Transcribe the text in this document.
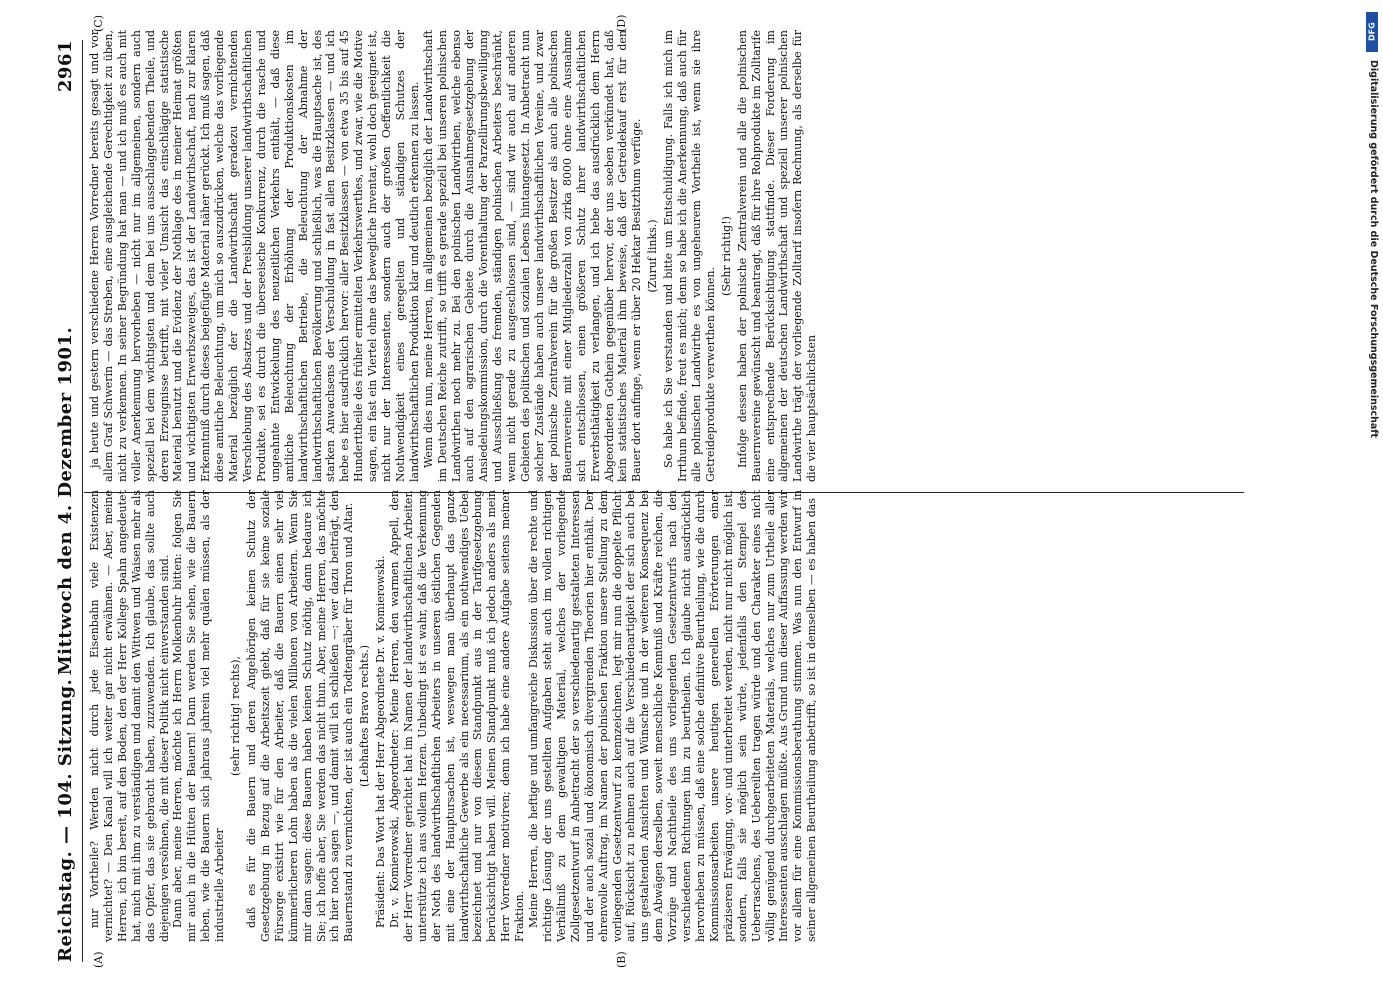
Reichstag. — 104. Sitzung.
Mittwoch den 4. Dezember 1901.
2961
(A)	(B)
(C)	(D)

nur Vortheile? Werden nicht durch jede Eisenbahn viele Existenzen vernichtet? — Den Kanal will ich weiter gar nicht erwähnen. — Aber, meine Herren, ich bin bereit, auf den Boden, den der Herr Kollege Spahn angedeutet hat, mich mit ihm zu verständigen und damit den Wittwen und Waisen mehr als das Opfer, das sie gebracht haben, zuzuwenden. Ich glaube, das sollte auch diejenigen versöhnen, die mit dieser Politik nicht einverstanden sind. Dann aber, meine Herren, möchte ich Herrn Molkenbuhr bitten: folgen Sie mir auch in die Hütten der Bauern! Dann werden Sie sehen, wie die Bauern leben, wie die Bauern sich jahraus jahrein viel mehr quälen müssen, als der industrielle Arbeiter

(sehr richtig! rechts), daß es für die Bauern und deren Angehörigen keinen Schutz der Gesetzgebung in Bezug auf die Arbeitszeit giebt, daß für sie keine soziale Fürsorge existirt wie für den Arbeiter, daß die Bauern einen sehr viel kümmerlicheren Lohn haben als die vielen Millionen von Arbeitern. Wenn Sie mir dann sagen: diese Bauern haben keinen Schutz nöthig, dann bedaure ich Sie; ich hoffe aber, Sie werden das nicht thun. Aber, meine Herren, das möchte ich hier noch sagen —, und damit will ich schließen —: wer dazu beiträgt, den Bauernstand zu vernichten, der ist auch ein Todtengräber für Thron und Altar. (Lebhaftes Bravo rechts.) Präsident: Das Wort hat der Herr Abgeordnete Dr. v. Komierowski. Dr. v. Komierowski, Abgeordneter: Meine Herren, den warmen Appell, den der Herr Vorredner gerichtet hat im Namen der landwirthschaftlichen Arbeiter, unterstütze ich aus vollem Herzen. Unbedingt ist es wahr, daß die Verkennung der Noth des landwirthschaftlichen Arbeiters in unseren östlichen Gegenden mit eine der Hauptursachen ist, weswegen man überhaupt das ganze landwirthschaftliche Gewerbe als ein necessarium, als ein nothwendiges Uebel bezeichnet und nur von diesem Standpunkt aus in der Tarifgesetzgebung berücksichtigt haben will. Meinen Standpunkt muß ich jedoch anders als mein Herr Vorredner motiviren; denn ich habe eine andere Aufgabe seitens meiner Fraktion. Meine Herren, die heftige und umfangreiche Diskussion über die rechte und richtige Lösung der uns gestellten Aufgaben steht auch im vollen richtigen Verhältniß zu dem gewaltigen Material, welches der vorliegende Zollgesetzentwurf in Anbetracht der so verschiedenartig gestalteten Interessen und der auch sozial und ökonomisch divergirenden Theorien hier enthält. Der ehrenvolle Auftrag, im Namen der polnischen Fraktion unsere Stellung zu dem vorliegenden Gesetzentwurf zu kennzeichnen, legt mir nun die doppelte Pflicht auf, Rücksicht zu nehmen auch auf die Verschiedenartigkeit der sich auch bei uns gestaltenden Ansichten und Wünsche und in der weiteren Konsequenz bei dem Abwägen derselben, soweit menschliche Kenntniß und Kräfte reichen, die Vorzüge und Nachtheile des uns vorliegenden Gesetzentwurfs nach den verschiedenen Richtungen hin zu beurtheilen. Ich glaube nicht ausdrücklich hervorheben zu müssen, daß eine solche definitive Beurtheilung, wie die durch Kommissionsarbeiten unsere heutigen generellen Erörterungen einer präziseren Erwägung, vor- und unterbreitet werden, nicht nur nicht möglich ist, sondern, falls sie möglich sein würde, jedenfalls den Stempel des Ueberraschens, des Uebereilten tragen würde und den Charakter eines nicht völlig genügend durchgearbeiteten Materials, welches nur zum Urtheile aller Interessenten ausschlagen müßte. Aus Grund nun dieser Auffassung werden wir vor allem für eine Kommissionsberathung stimmen. Was nun den Entwurf in seiner allgemeinen Beurtheilung anbetrifft, so ist in demselben — es haben das

ja heute und gestern verschiedene Herren Vorredner bereits gesagt und vor allem Graf Schwerin — das Streben, eine ausgleichende Gerechtigkeit zu üben, nicht zu verkennen. In seiner Begründung hat man — und ich muß es auch mit voller Anerkennung hervorheben — nicht nur im allgemeinen, sondern auch speziell bei dem wichtigsten und dem bei uns ausschlaggebenden Theile, und deren Erzeugnisse betrifft, mit vieler Umsicht das einschlägige statistische Material benutzt und die Evidenz der Nothlage des in meiner Heimat größten und wichtigsten Erwerbszweiges, das ist der Landwirthschaft, nach zur klaren Erkenntniß durch dieses beigefügte Material näher gerückt. Ich muß sagen, daß diese amtliche Beleuchtung, um mich so auszudrücken, welche das vorliegende Material bezüglich der die Landwirthschaft geradezu vernichtenden Verschiebung des Absatzes und der Preisbildung unserer landwirthschaftlichen Produkte, sei es durch die überseeische Konkurrenz, durch die rasche und ungeahnte Entwickelung des neuzeitlichen Verkehrs enthält, — daß diese amtliche Beleuchtung der Erhöhung der Produktionskosten im landwirthschaftlichen Betriebe, die Beleuchtung der Abnahme der landwirthschaftlichen Bevölkerung und schließlich, was die Hauptsache ist, des starken Anwachsens der Verschuldung in fast allen Besitzklassen — und ich hebe es hier ausdrücklich hervor: aller Besitzklassen — von etwa 35 bis auf 45 Hunderttheile des früher ermittelten Verkehrswerthes, und zwar, wie die Motive sagen, ein fast ein Viertel ohne das bewegliche Inventar, wohl doch geeignet ist, nicht nur der Interessenten, sondern auch der großen Oeffentlichkeit die Nothwendigkeit eines geregelten und ständigen Schutzes der landwirthschaftlichen Produktion klar und deutlich erkennen zu lassen. Wenn dies nun, meine Herren, im allgemeinen bezüglich der Landwirthschaft im Deutschen Reiche zutrifft, so trifft es gerade speziell bei unseren polnischen Landwirthen noch mehr zu. Bei den polnischen Landwirthen, welche ebenso auch auf den agrarischen Gebiete durch die Ausnahmegesetzgebung der Ansiedelungskommission, durch die Vorenthaltung der Parzellirungsbewilligung und Ausschließung des fremden, ständigen polnischen Arbeiters beschränkt, wenn nicht gerade zu ausgeschlossen sind, — sind wir auch auf anderen Gebieten des politischen und sozialen Lebens hintangesetzt. In Anbetracht nun solcher Zustände haben auch unsere landwirthschaftlichen Vereine, und zwar der polnische Zentralverein für die großen Besitzer als auch alle polnischen Bauernvereine mit einer Mitgliederzahl von zirka 8000 ohne eine Ausnahme sich entschlossen, einen größeren Schutz ihrer landwirthschaftlichen Erwerbsthätigkeit zu verlangen, und ich hebe das ausdrücklich dem Herrn Abgeordneten Gothein gegenüber hervor, der uns soeben verkündet hat, daß kein statistisches Material ihm beweise, daß der Getreidekauf erst für den Bauer dort anfinge, wenn er über 20 Hektar Besitzthum verfüge. (Zuruf links.) So habe ich Sie verstanden und bitte um Entschuldigung. Falls ich mich im Irrthum befinde, freut es mich; denn so habe ich die Anerkennung, daß auch für alle polnischen Landwirthe es von ungeheurem Vortheile ist, wenn sie ihre Getreideprodukte verwerthen können.

(Sehr richtig!) Infolge dessen haben der polnische Zentralverein und alle die polnischen Bauernvereine gewünscht und beantragt, daß für ihre Rohprodukte im Zolltarife eine entsprechende Berücksichtigung stattfinde. Dieser Forderung im allgemeinen der deutschen Landwirthschaft und speziell unserer polnischen Landwirthe trägt der vorliegende Zolltarif insofern Rechnung, als derselbe für die vier hauptsächlichsten

DFG
Digitalisierung gefördert durch die Deutsche Forschungsgemeinschaft
